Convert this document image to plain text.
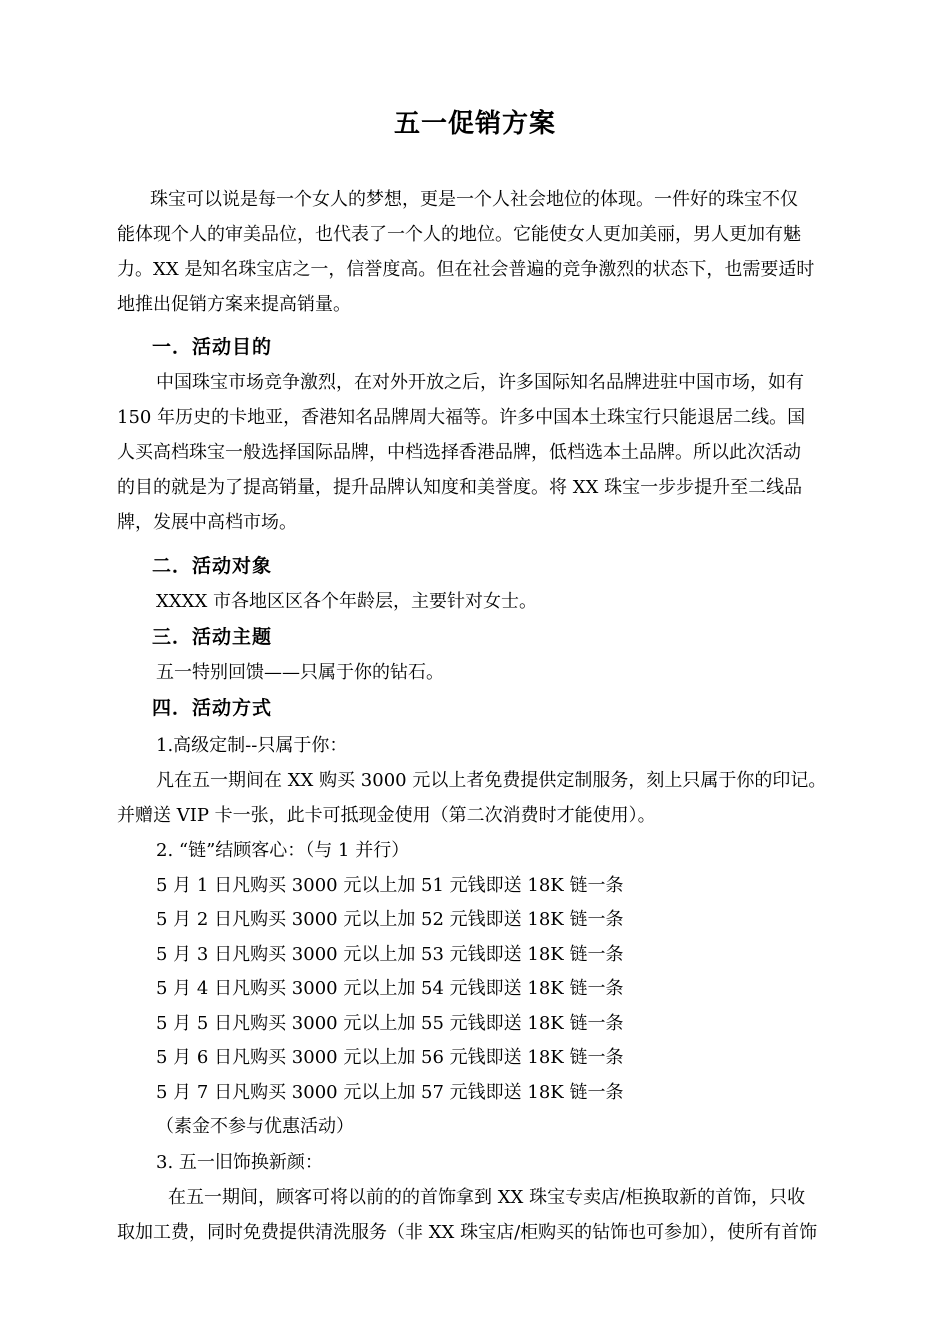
五一促销方案
珠宝可以说是每一个女人的梦想，更是一个人社会地位的体现。一件好的珠宝不仅
能体现个人的审美品位，也代表了一个人的地位。它能使女人更加美丽，男人更加有魅
力。XX 是知名珠宝店之一，信誉度高。但在社会普遍的竞争激烈的状态下，也需要适时
地推出促销方案来提高销量。
一．活动目的
中国珠宝市场竞争激烈，在对外开放之后，许多国际知名品牌进驻中国市场，如有
150 年历史的卡地亚，香港知名品牌周大福等。许多中国本土珠宝行只能退居二线。国
人买高档珠宝一般选择国际品牌，中档选择香港品牌，低档选本土品牌。所以此次活动
的目的就是为了提高销量，提升品牌认知度和美誉度。将 XX 珠宝一步步提升至二线品
牌，发展中高档市场。
二．活动对象
XXXX 市各地区区各个年龄层，主要针对女士。
三．活动主题
五一特别回馈——只属于你的钻石。
四．活动方式
1.高级定制--只属于你：
凡在五一期间在 XX 购买 3000 元以上者免费提供定制服务，刻上只属于你的印记。
并赠送 VIP 卡一张，此卡可抵现金使用（第二次消费时才能使用）。
2. “链”结顾客心：（与 1 并行）
5 月 1 日凡购买 3000 元以上加 51 元钱即送 18K 链一条
5 月 2 日凡购买 3000 元以上加 52 元钱即送 18K 链一条
5 月 3 日凡购买 3000 元以上加 53 元钱即送 18K 链一条
5 月 4 日凡购买 3000 元以上加 54 元钱即送 18K 链一条
5 月 5 日凡购买 3000 元以上加 55 元钱即送 18K 链一条
5 月 6 日凡购买 3000 元以上加 56 元钱即送 18K 链一条
5 月 7 日凡购买 3000 元以上加 57 元钱即送 18K 链一条
（素金不参与优惠活动）
3. 五一旧饰换新颜：
在五一期间，顾客可将以前的的首饰拿到 XX 珠宝专卖店/柜换取新的首饰，只收
取加工费，同时免费提供清洗服务（非 XX 珠宝店/柜购买的钻饰也可参加），使所有首饰
